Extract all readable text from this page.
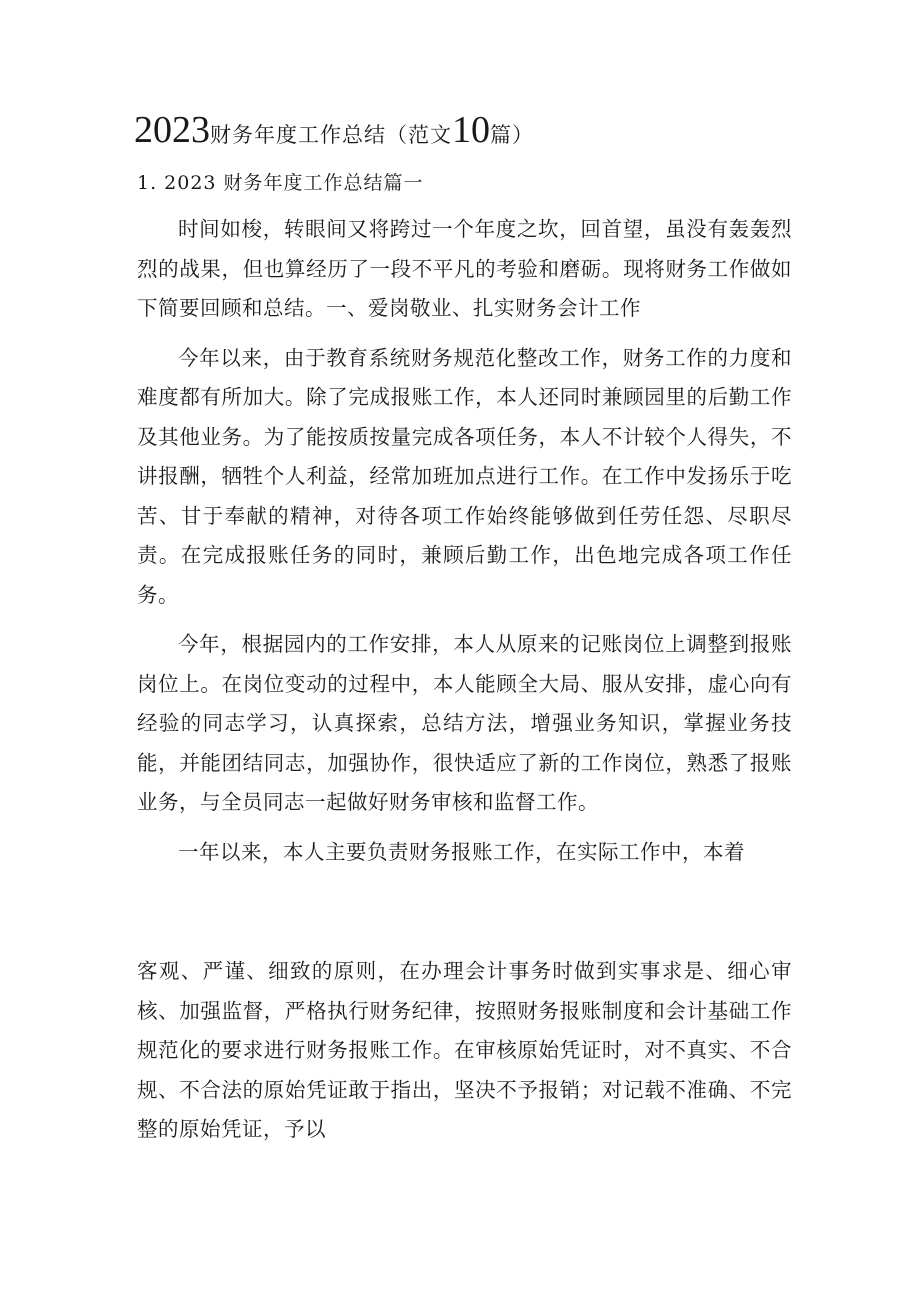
2023财务年度工作总结（范文10篇）
1. 2023 财务年度工作总结篇一

时间如梭，转眼间又将跨过一个年度之坎，回首望，虽没有轰轰烈烈的战果，但也算经历了一段不平凡的考验和磨砺。现将财务工作做如下简要回顾和总结。一、爱岗敬业、扎实财务会计工作

今年以来，由于教育系统财务规范化整改工作，财务工作的力度和难度都有所加大。除了完成报账工作，本人还同时兼顾园里的后勤工作及其他业务。为了能按质按量完成各项任务，本人不计较个人得失，不讲报酬，牺牲个人利益，经常加班加点进行工作。在工作中发扬乐于吃苦、甘于奉献的精神，对待各项工作始终能够做到任劳任怨、尽职尽责。在完成报账任务的同时，兼顾后勤工作，出色地完成各项工作任务。

今年，根据园内的工作安排，本人从原来的记账岗位上调整到报账岗位上。在岗位变动的过程中，本人能顾全大局、服从安排，虚心向有经验的同志学习，认真探索，总结方法，增强业务知识，掌握业务技能，并能团结同志，加强协作，很快适应了新的工作岗位，熟悉了报账业务，与全员同志一起做好财务审核和监督工作。

一年以来，本人主要负责财务报账工作，在实际工作中，本着

客观、严谨、细致的原则，在办理会计事务时做到实事求是、细心审核、加强监督，严格执行财务纪律，按照财务报账制度和会计基础工作规范化的要求进行财务报账工作。在审核原始凭证时，对不真实、不合规、不合法的原始凭证敢于指出，坚决不予报销；对记载不准确、不完整的原始凭证，予以
